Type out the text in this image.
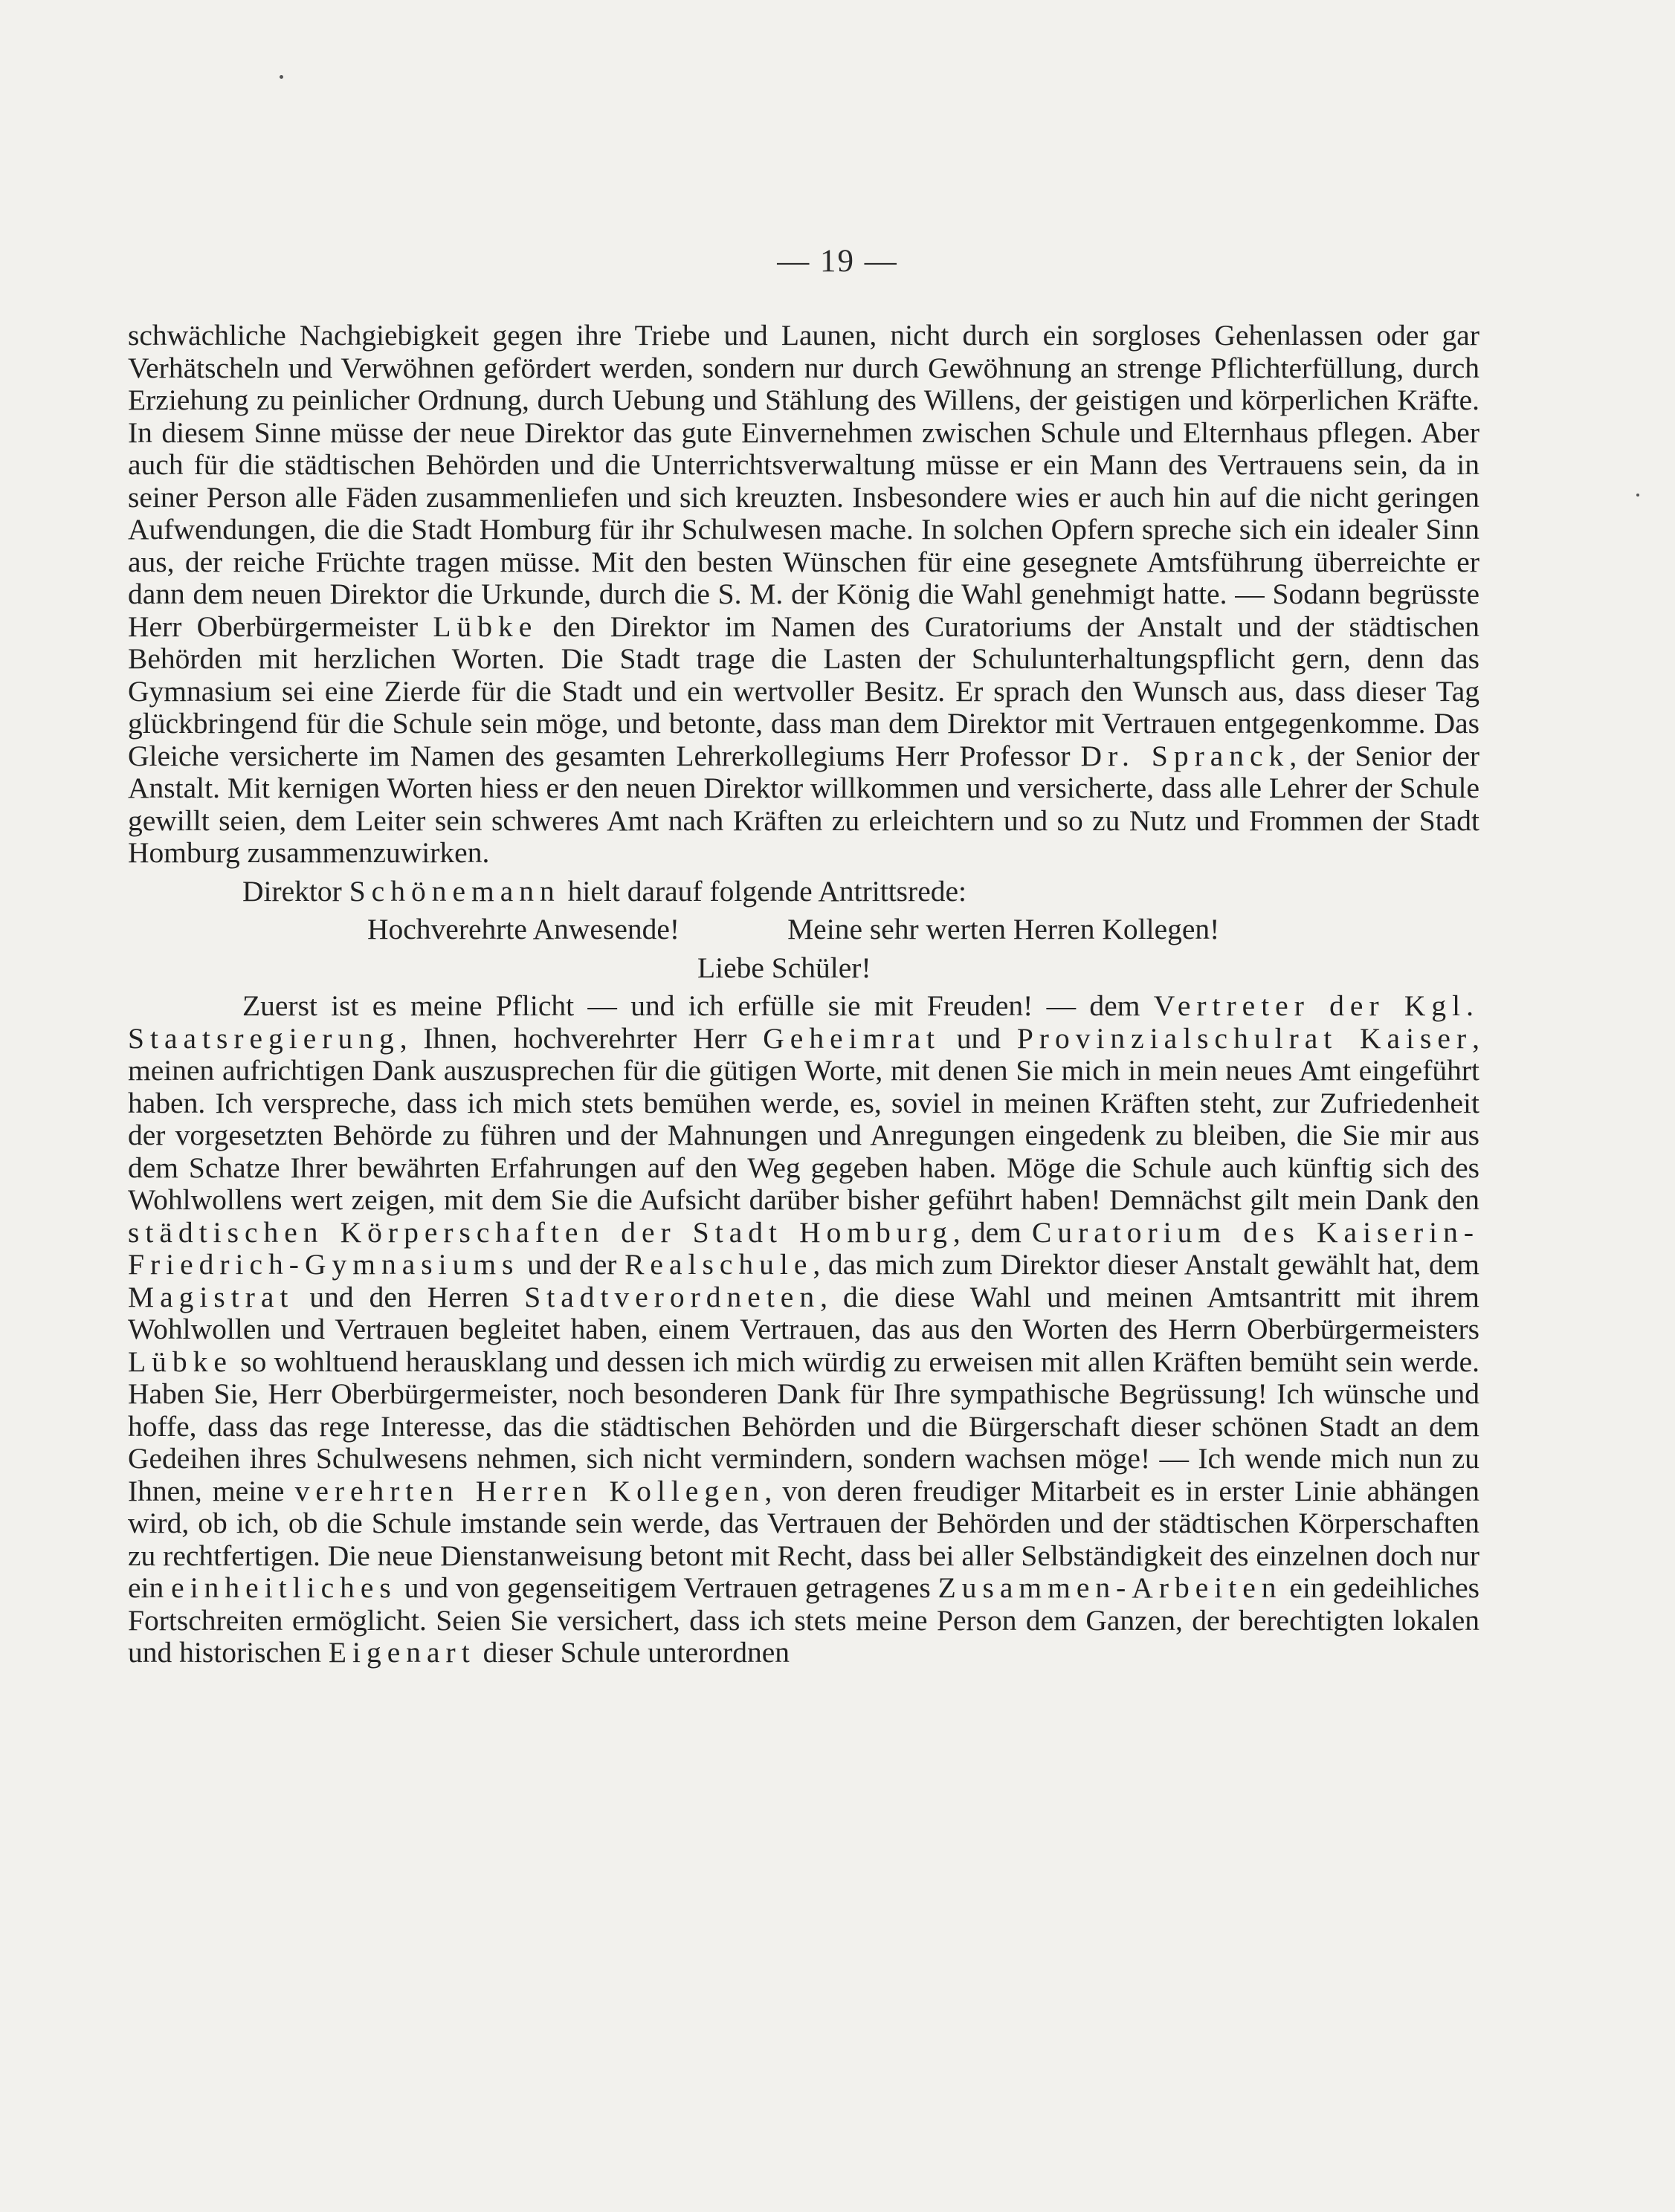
— 19 —

schwächliche Nachgiebigkeit gegen ihre Triebe und Launen, nicht durch ein sorgloses Gehenlassen oder gar Verhätscheln und Verwöhnen gefördert werden, sondern nur durch Gewöhnung an strenge Pflichterfüllung, durch Erziehung zu peinlicher Ordnung, durch Uebung und Stählung des Willens, der geistigen und körperlichen Kräfte. In diesem Sinne müsse der neue Direktor das gute Einvernehmen zwischen Schule und Elternhaus pflegen. Aber auch für die städtischen Behörden und die Unterrichtsverwaltung müsse er ein Mann des Vertrauens sein, da in seiner Person alle Fäden zusammenliefen und sich kreuzten. Insbesondere wies er auch hin auf die nicht geringen Aufwendungen, die die Stadt Homburg für ihr Schulwesen mache. In solchen Opfern spreche sich ein idealer Sinn aus, der reiche Früchte tragen müsse. Mit den besten Wünschen für eine gesegnete Amtsführung überreichte er dann dem neuen Direktor die Urkunde, durch die S. M. der König die Wahl genehmigt hatte. — Sodann begrüsste Herr Oberbürgermeister Lübke den Direktor im Namen des Curatoriums der Anstalt und der städtischen Behörden mit herzlichen Worten. Die Stadt trage die Lasten der Schulunterhaltungspflicht gern, denn das Gymnasium sei eine Zierde für die Stadt und ein wertvoller Besitz. Er sprach den Wunsch aus, dass dieser Tag glückbringend für die Schule sein möge, und betonte, dass man dem Direktor mit Vertrauen entgegenkomme. Das Gleiche versicherte im Namen des gesamten Lehrerkollegiums Herr Professor Dr. Spranck, der Senior der Anstalt. Mit kernigen Worten hiess er den neuen Direktor willkommen und versicherte, dass alle Lehrer der Schule gewillt seien, dem Leiter sein schweres Amt nach Kräften zu erleichtern und so zu Nutz und Frommen der Stadt Homburg zusammenzuwirken.

Direktor Schönemann hielt darauf folgende Antrittsrede:

Hochverehrte Anwesende!	Meine sehr werten Herren Kollegen!

Liebe Schüler!

Zuerst ist es meine Pflicht — und ich erfülle sie mit Freuden! — dem Vertreter der Kgl. Staatsregierung, Ihnen, hochverehrter Herr Geheimrat und Provinzialschulrat Kaiser, meinen aufrichtigen Dank auszusprechen für die gütigen Worte, mit denen Sie mich in mein neues Amt eingeführt haben. Ich verspreche, dass ich mich stets bemühen werde, es, soviel in meinen Kräften steht, zur Zufriedenheit der vorgesetzten Behörde zu führen und der Mahnungen und Anregungen eingedenk zu bleiben, die Sie mir aus dem Schatze Ihrer bewährten Erfahrungen auf den Weg gegeben haben. Möge die Schule auch künftig sich des Wohlwollens wert zeigen, mit dem Sie die Aufsicht darüber bisher geführt haben! Demnächst gilt mein Dank den städtischen Körperschaften der Stadt Homburg, dem Curatorium des Kaiserin-Friedrich-Gymnasiums und der Realschule, das mich zum Direktor dieser Anstalt gewählt hat, dem Magistrat und den Herren Stadtverordneten, die diese Wahl und meinen Amtsantritt mit ihrem Wohlwollen und Vertrauen begleitet haben, einem Vertrauen, das aus den Worten des Herrn Oberbürgermeisters Lübke so wohltuend herausklang und dessen ich mich würdig zu erweisen mit allen Kräften bemüht sein werde. Haben Sie, Herr Oberbürgermeister, noch besonderen Dank für Ihre sympathische Begrüssung! Ich wünsche und hoffe, dass das rege Interesse, das die städtischen Behörden und die Bürgerschaft dieser schönen Stadt an dem Gedeihen ihres Schulwesens nehmen, sich nicht vermindern, sondern wachsen möge! — Ich wende mich nun zu Ihnen, meine verehrten Herren Kollegen, von deren freudiger Mitarbeit es in erster Linie abhängen wird, ob ich, ob die Schule imstande sein werde, das Vertrauen der Behörden und der städtischen Körperschaften zu rechtfertigen. Die neue Dienstanweisung betont mit Recht, dass bei aller Selbständigkeit des einzelnen doch nur ein einheitliches und von gegenseitigem Vertrauen getragenes Zusammen-Arbeiten ein gedeihliches Fortschreiten ermöglicht. Seien Sie versichert, dass ich stets meine Person dem Ganzen, der berechtigten lokalen und historischen Eigenart dieser Schule unterordnen
